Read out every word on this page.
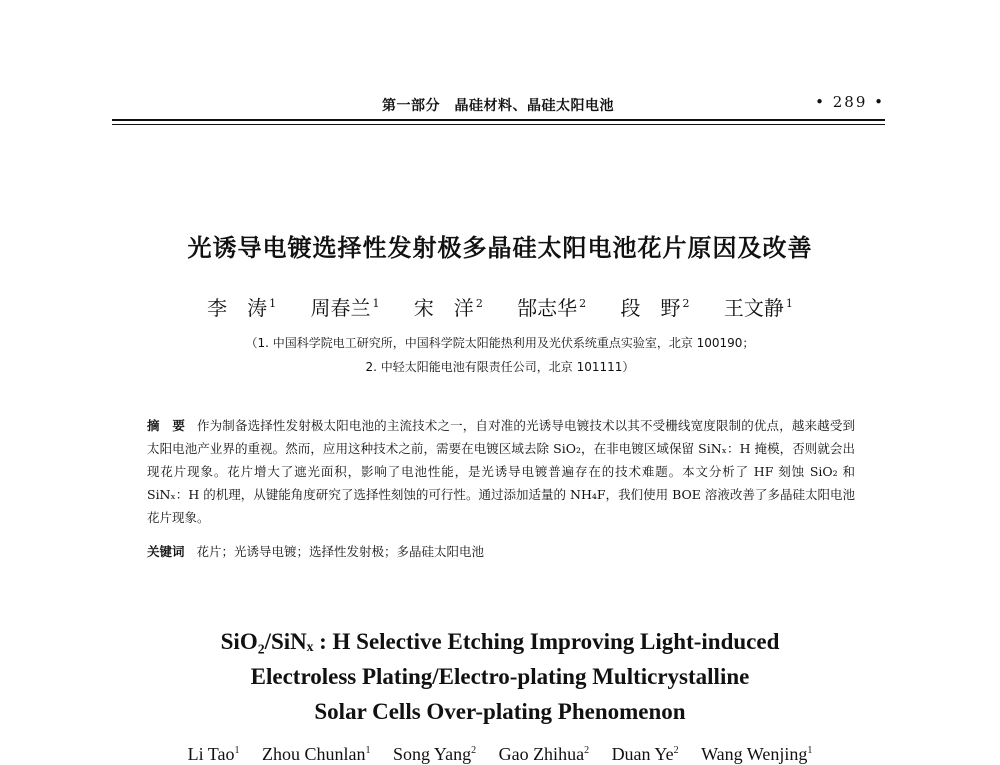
第一部分　晶硅材料、晶硅太阳电池	• 289 •
光诱导电镀选择性发射极多晶硅太阳电池花片原因及改善
李　涛 $^1$ 周春兰 $^1$ 宋　洋 $^2$ 郜志华 $^2$ 段　野 $^2$ 王文静 $^1$
（1. 中国科学院电工研究所，中国科学院太阳能热利用及光伏系统重点实验室，北京 100190；
2. 中轻太阳能电池有限责任公司，北京 101111）
摘　要 作为制备选择性发射极太阳电池的主流技术之一，自对准的光诱导电镀技术以其不受栅线宽度限制的优点，越来越受到太阳电池产业界的重视。然而，应用这种技术之前，需要在电镀区域去除 SiO₂，在非电镀区域保留 SiNₓ：H 掩模，否则就会出现花片现象。花片增大了遮光面积，影响了电池性能，是光诱导电镀普遍存在的技术难题。本文分析了 HF 刻蚀 SiO₂ 和 SiNₓ：H 的机理，从键能角度研究了选择性刻蚀的可行性。通过添加适量的 NH₄F，我们使用 BOE 溶液改善了多晶硅太阳电池花片现象。
关键词 花片；光诱导电镀；选择性发射极；多晶硅太阳电池
SiO₂/SiNₓ : H Selective Etching Improving Light-induced
Electroless Plating/Electro-plating Multicrystalline
Solar Cells Over-plating Phenomenon
Li Tao$^1$ Zhou Chunlan$^1$ Song Yang$^2$ Gao Zhihua$^2$ Duan Ye$^2$ Wang Wenjing$^1$
